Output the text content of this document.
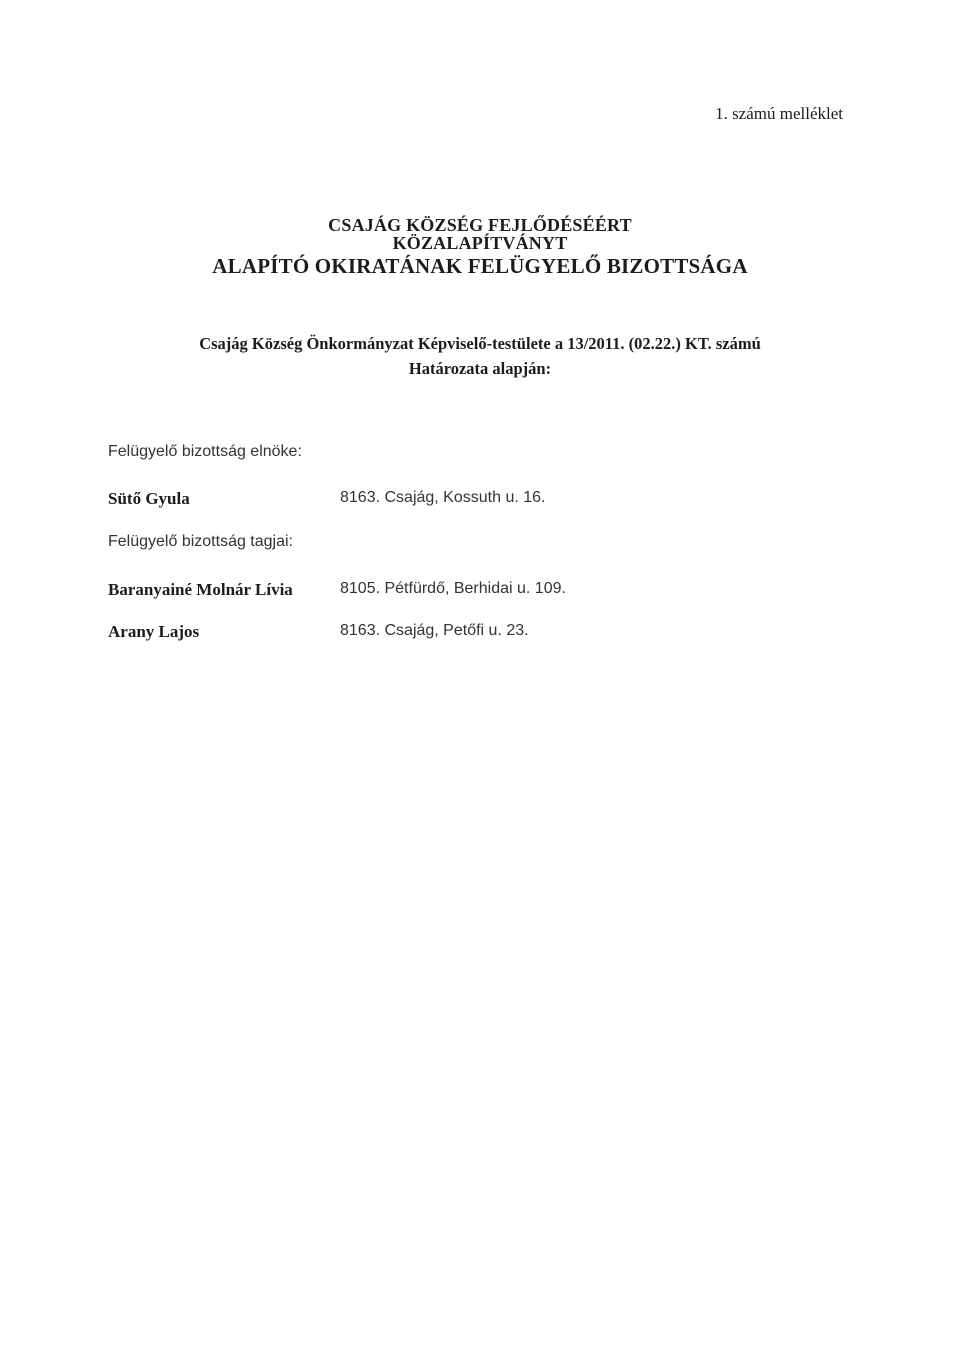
1. számú melléklet

CSAJÁG KÖZSÉG FEJLŐDÉSÉÉRT
KÖZALAPÍTVÁNYT
ALAPÍTÓ OKIRATÁNAK FELÜGYELŐ BIZOTTSÁGA

Csajág Község Önkormányzat Képviselő-testülete a 13/2011. (02.22.) KT. számú
Határozata alapján:

Felügyelő bizottság elnöke:

Sütő Gyula	8163. Csajág, Kossuth u. 16.

Felügyelő bizottság tagjai:

Baranyainé Molnár Lívia	8105. Pétfürdő, Berhidai u. 109.
Arany Lajos	8163. Csajág, Petőfi u. 23.
